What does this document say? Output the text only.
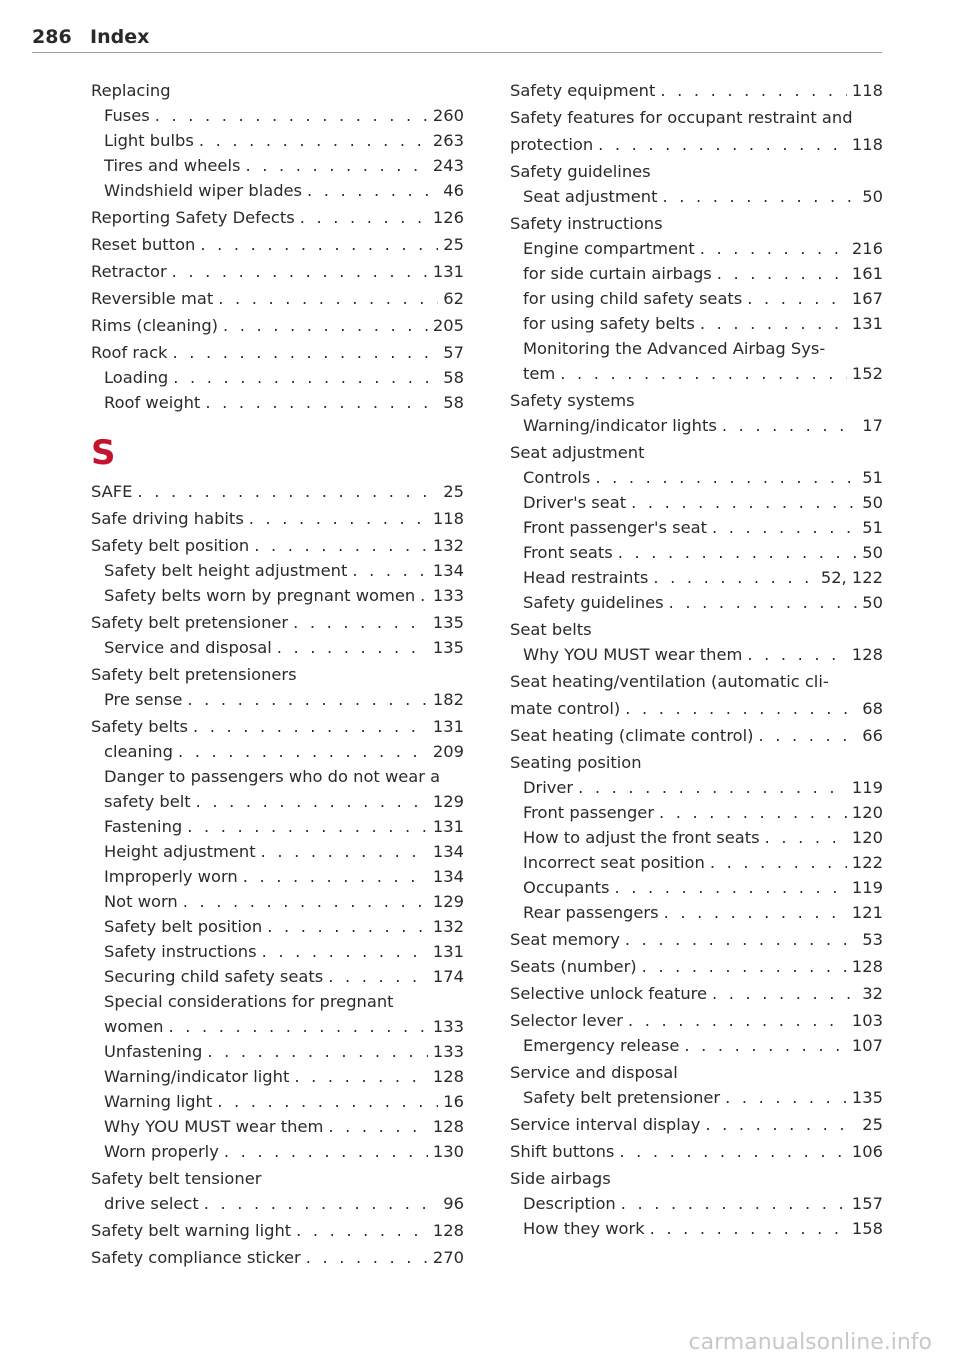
286 Index
Replacing
Fuses . . .	260
Light bulbs . . .	263
Tires and wheels . . .	243
Windshield wiper blades . . .	46
Reporting Safety Defects . . .	126
Reset button . . .	25
Retractor . . .	131
Reversible mat . . .	62
Rims (cleaning) . . .	205
Roof rack . . .	57
Loading . . .	58
Roof weight . . .	58
S
SAFE . . .	25
Safe driving habits . . .	118
Safety belt position . . .	132
Safety belt height adjustment . . .	134
Safety belts worn by pregnant women . . . 133
Safety belt pretensioner . . .	135
Service and disposal . . .	135
Safety belt pretensioners
Pre sense . . .	182
Safety belts . . .	131
cleaning . . .	209
Danger to passengers who do not wear a
safety belt . . .	129
Fastening . . .	131
Height adjustment . . .	134
Improperly worn . . .	134
Not worn . . .	129
Safety belt position . . .	132
Safety instructions . . .	131
Securing child safety seats . . .	174
Special considerations for pregnant
women . . .	133
Unfastening . . .	133
Warning/indicator light . . .	128
Warning light . . .	16
Why YOU MUST wear them . . .	128
Worn properly . . .	130
Safety belt tensioner
drive select . . .	96
Safety belt warning light . . .	128
Safety compliance sticker . . .	270
Safety equipment . . .	118
Safety features for occupant restraint and
protection . . .	118
Safety guidelines
Seat adjustment . . .	50
Safety instructions
Engine compartment . . .	216
for side curtain airbags . . .	161
for using child safety seats . . .	167
for using safety belts . . .	131
Monitoring the Advanced Airbag Sys-
tem . . .	152
Safety systems
Warning/indicator lights . . .	17
Seat adjustment
Controls . . .	51
Driver's seat . . .	50
Front passenger's seat . . .	51
Front seats . . .	50
Head restraints . . .	52, 122
Safety guidelines . . .	50
Seat belts
Why YOU MUST wear them . . .	128
Seat heating/ventilation (automatic cli-
mate control) . . .	68
Seat heating (climate control) . . .	66
Seating position
Driver . . .	119
Front passenger . . .	120
How to adjust the front seats . . .	120
Incorrect seat position . . .	122
Occupants . . .	119
Rear passengers . . .	121
Seat memory . . .	53
Seats (number) . . .	128
Selective unlock feature . . .	32
Selector lever . . .	103
Emergency release . . .	107
Service and disposal
Safety belt pretensioner . . .	135
Service interval display . . .	25
Shift buttons . . .	106
Side airbags
Description . . .	157
How they work . . .	158
carmanualsonline.info
